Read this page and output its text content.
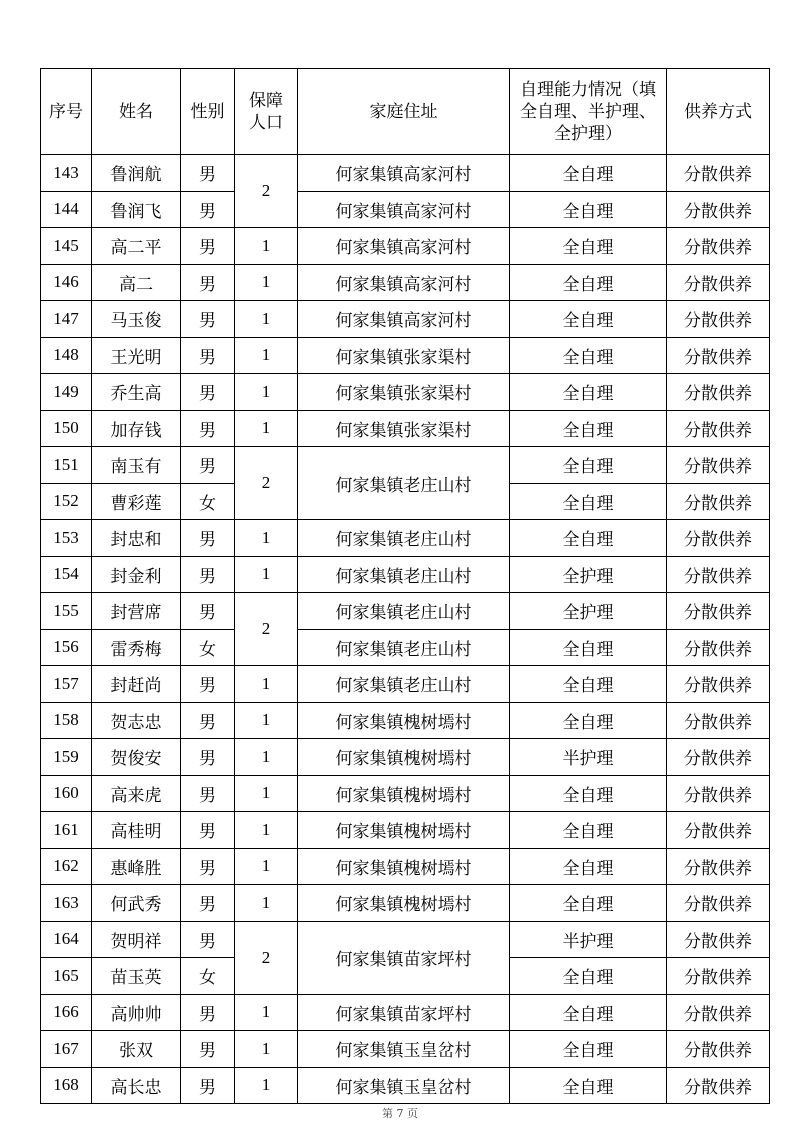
序号	姓名	性别	保障人口	家庭住址	自理能力情况（填全自理、半护理、全护理）	供养方式
143	鲁润航	男	2	何家集镇高家河村	全自理	分散供养
144	鲁润飞	男		何家集镇高家河村	全自理	分散供养
145	高二平	男	1	何家集镇高家河村	全自理	分散供养
146	高二	男	1	何家集镇高家河村	全自理	分散供养
147	马玉俊	男	1	何家集镇高家河村	全自理	分散供养
148	王光明	男	1	何家集镇张家渠村	全自理	分散供养
149	乔生高	男	1	何家集镇张家渠村	全自理	分散供养
150	加存钱	男	1	何家集镇张家渠村	全自理	分散供养
151	南玉有	男	2	何家集镇老庄山村	全自理	分散供养
152	曹彩莲	女			全自理	分散供养
153	封忠和	男	1	何家集镇老庄山村	全自理	分散供养
154	封金利	男	1	何家集镇老庄山村	全护理	分散供养
155	封营席	男	2	何家集镇老庄山村	全护理	分散供养
156	雷秀梅	女		何家集镇老庄山村	全自理	分散供养
157	封赶尚	男	1	何家集镇老庄山村	全自理	分散供养
158	贺志忠	男	1	何家集镇槐树墕村	全自理	分散供养
159	贺俊安	男	1	何家集镇槐树墕村	半护理	分散供养
160	高来虎	男	1	何家集镇槐树墕村	全自理	分散供养
161	高桂明	男	1	何家集镇槐树墕村	全自理	分散供养
162	惠峰胜	男	1	何家集镇槐树墕村	全自理	分散供养
163	何武秀	男	1	何家集镇槐树墕村	全自理	分散供养
164	贺明祥	男	2	何家集镇苗家坪村	半护理	分散供养
165	苗玉英	女			全自理	分散供养
166	高帅帅	男	1	何家集镇苗家坪村	全自理	分散供养
167	张双	男	1	何家集镇玉皇岔村	全自理	分散供养
168	高长忠	男	1	何家集镇玉皇岔村	全自理	分散供养
第 7 页
